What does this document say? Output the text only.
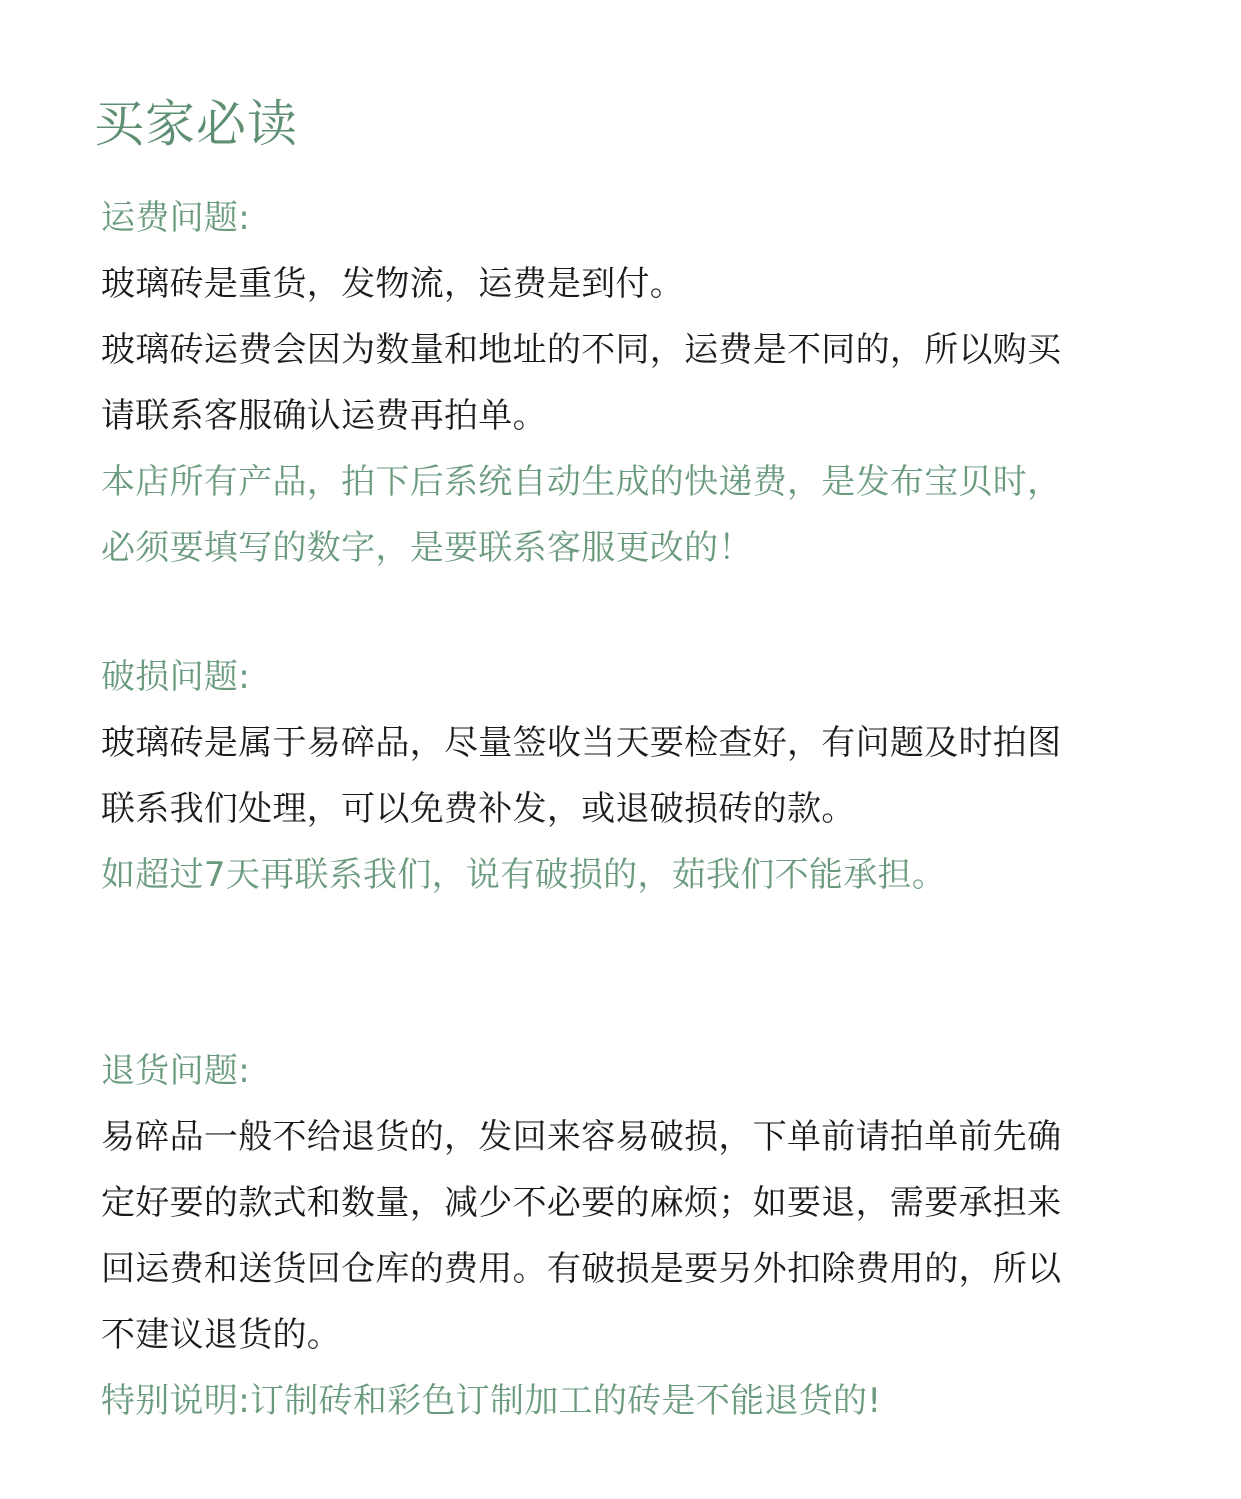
买家必读
运费问题:
玻璃砖是重货，发物流，运费是到付。
玻璃砖运费会因为数量和地址的不同，运费是不同的，所以购买
请联系客服确认运费再拍单。
本店所有产品，拍下后系统自动生成的快递费，是发布宝贝时，
必须要填写的数字，是要联系客服更改的！
破损问题:
玻璃砖是属于易碎品，尽量签收当天要检查好，有问题及时拍图
联系我们处理，可以免费补发，或退破损砖的款。
如超过7天再联系我们，说有破损的，茹我们不能承担。
退货问题:
易碎品一般不给退货的，发回来容易破损，下单前请拍单前先确
定好要的款式和数量，减少不必要的麻烦；如要退，需要承担来
回运费和送货回仓库的费用。有破损是要另外扣除费用的，所以
不建议退货的。
特别说明:订制砖和彩色订制加工的砖是不能退货的!
